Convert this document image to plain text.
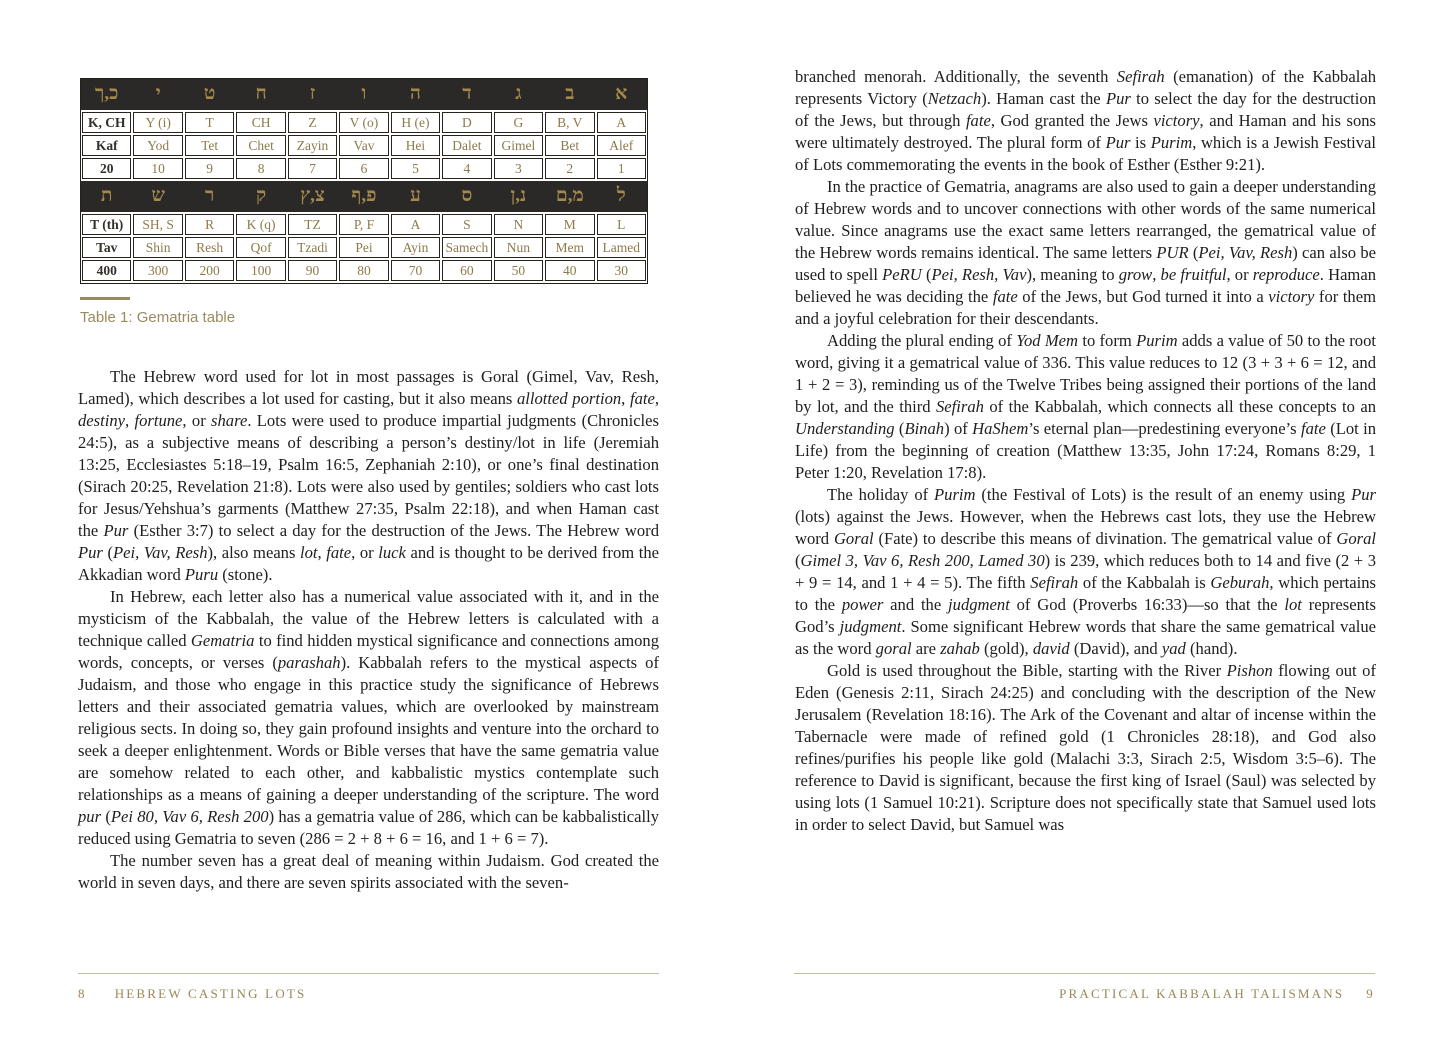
כ,ך	י	ט	ח	ז	ו	ה	ד	ג	ב	א
K, CH	Y (i)	T	CH	Z	V (o)	H (e)	D	G	B, V	A
Kaf	Yod	Tet	Chet	Zayin	Vav	Hei	Dalet	Gimel	Bet	Alef
20	10	9	8	7	6	5	4	3	2	1
ת	ש	ר	ק	צ,ץ	פ,ף	ע	ס	נ,ן	מ,ם	ל
T (th)	SH, S	R	K (q)	TZ	P, F	A	S	N	M	L
Tav	Shin	Resh	Qof	Tzadi	Pei	Ayin	Samech	Nun	Mem	Lamed
400	300	200	100	90	80	70	60	50	40	30
Table 1: Gematria table

The Hebrew word used for lot in most passages is Goral (Gimel, Vav, Resh, Lamed), which describes a lot used for casting, but it also means allotted portion, fate, destiny, fortune, or share. Lots were used to produce impartial judgments (Chronicles 24:5), as a subjective means of describing a person’s destiny/lot in life (Jeremiah 13:25, Ecclesiastes 5:18–19, Psalm 16:5, Zephaniah 2:10), or one’s final destination (Sirach 20:25, Revelation 21:8). Lots were also used by gentiles; soldiers who cast lots for Jesus/Yehshua’s garments (Matthew 27:35, Psalm 22:18), and when Haman cast the Pur (Esther 3:7) to select a day for the destruction of the Jews. The Hebrew word Pur (Pei, Vav, Resh), also means lot, fate, or luck and is thought to be derived from the Akkadian word Puru (stone).

In Hebrew, each letter also has a numerical value associated with it, and in the mysticism of the Kabbalah, the value of the Hebrew letters is calculated with a technique called Gematria to find hidden mystical significance and connections among words, concepts, or verses (parashah). Kabbalah refers to the mystical aspects of Judaism, and those who engage in this practice study the significance of Hebrews letters and their associated gematria values, which are overlooked by mainstream religious sects. In doing so, they gain profound insights and venture into the orchard to seek a deeper enlightenment. Words or Bible verses that have the same gematria value are somehow related to each other, and kabbalistic mystics contemplate such relationships as a means of gaining a deeper understanding of the scripture. The word pur (Pei 80, Vav 6, Resh 200) has a gematria value of 286, which can be kabbalistically reduced using Gematria to seven (286 = 2 + 8 + 6 = 16, and 1 + 6 = 7).

The number seven has a great deal of meaning within Judaism. God created the world in seven days, and there are seven spirits associated with the seven-

8 HEBREW CASTING LOTS

branched menorah. Additionally, the seventh Sefirah (emanation) of the Kabbalah represents Victory (Netzach). Haman cast the Pur to select the day for the destruction of the Jews, but through fate, God granted the Jews victory, and Haman and his sons were ultimately destroyed. The plural form of Pur is Purim, which is a Jewish Festival of Lots commemorating the events in the book of Esther (Esther 9:21).

In the practice of Gematria, anagrams are also used to gain a deeper understanding of Hebrew words and to uncover connections with other words of the same numerical value. Since anagrams use the exact same letters rearranged, the gematrical value of the Hebrew words remains identical. The same letters PUR (Pei, Vav, Resh) can also be used to spell PeRU (Pei, Resh, Vav), meaning to grow, be fruitful, or reproduce. Haman believed he was deciding the fate of the Jews, but God turned it into a victory for them and a joyful celebration for their descendants.

Adding the plural ending of Yod Mem to form Purim adds a value of 50 to the root word, giving it a gematrical value of 336. This value reduces to 12 (3 + 3 + 6 = 12, and 1 + 2 = 3), reminding us of the Twelve Tribes being assigned their portions of the land by lot, and the third Sefirah of the Kabbalah, which connects all these concepts to an Understanding (Binah) of HaShem’s eternal plan—predestining everyone’s fate (Lot in Life) from the beginning of creation (Matthew 13:35, John 17:24, Romans 8:29, 1 Peter 1:20, Revelation 17:8).

The holiday of Purim (the Festival of Lots) is the result of an enemy using Pur (lots) against the Jews. However, when the Hebrews cast lots, they use the Hebrew word Goral (Fate) to describe this means of divination. The gematrical value of Goral (Gimel 3, Vav 6, Resh 200, Lamed 30) is 239, which reduces both to 14 and five (2 + 3 + 9 = 14, and 1 + 4 = 5). The fifth Sefirah of the Kabbalah is Geburah, which pertains to the power and the judgment of God (Proverbs 16:33)—so that the lot represents God’s judgment. Some significant Hebrew words that share the same gematrical value as the word goral are zahab (gold), david (David), and yad (hand).

Gold is used throughout the Bible, starting with the River Pishon flowing out of Eden (Genesis 2:11, Sirach 24:25) and concluding with the description of the New Jerusalem (Revelation 18:16). The Ark of the Covenant and altar of incense within the Tabernacle were made of refined gold (1 Chronicles 28:18), and God also refines/purifies his people like gold (Malachi 3:3, Sirach 2:5, Wisdom 3:5–6). The reference to David is significant, because the first king of Israel (Saul) was selected by using lots (1 Samuel 10:21). Scripture does not specifically state that Samuel used lots in order to select David, but Samuel was

PRACTICAL KABBALAH TALISMANS 9
